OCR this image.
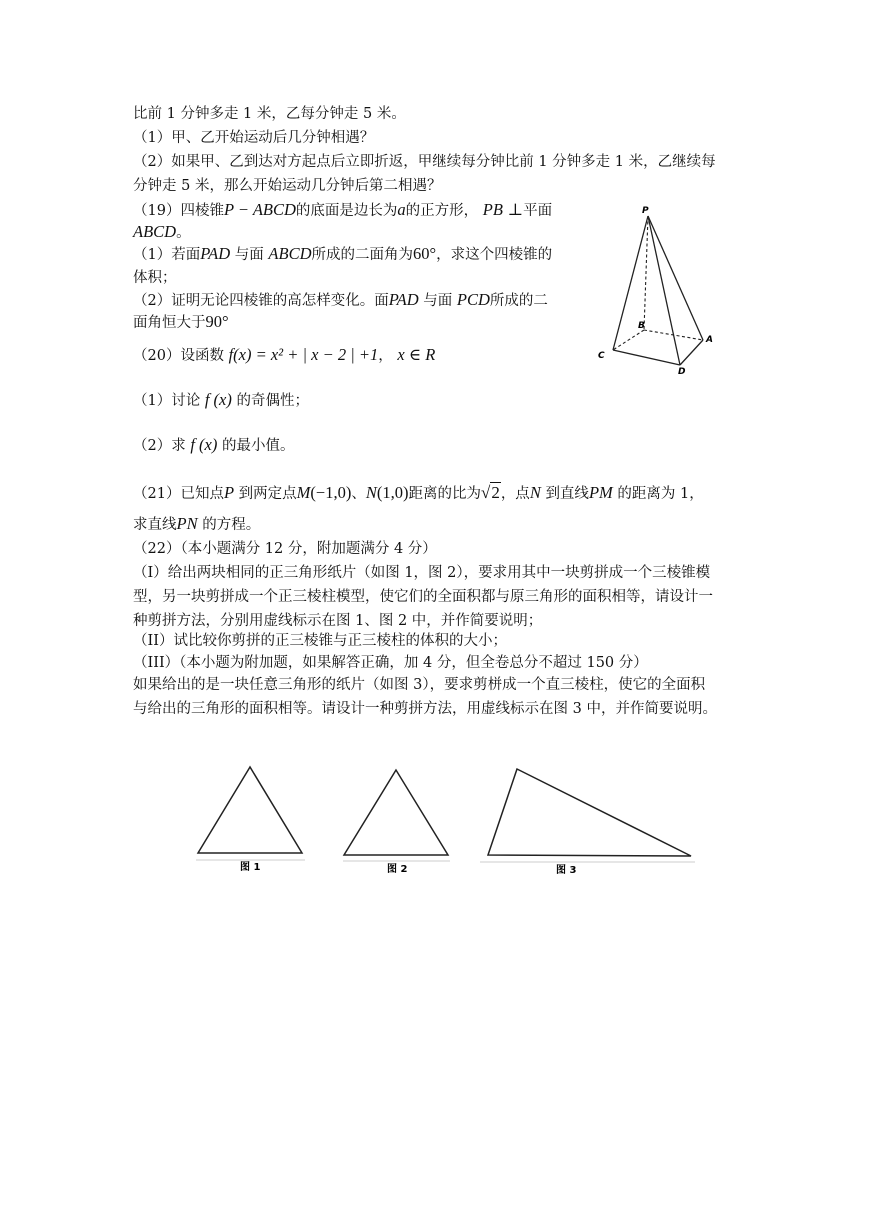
比前 1 分钟多走 1 米，乙每分钟走 5 米。
（1）甲、乙开始运动后几分钟相遇？
（2）如果甲、乙到达对方起点后立即折返，甲继续每分钟比前 1 分钟多走 1 米，乙继续每
分钟走 5 米，那么开始运动几分钟后第二相遇？
（19）四棱锥P − ABCD的底面是边长为a的正方形， PB ⊥平面
ABCD。
（1）若面PAD 与面 ABCD所成的二面角为60°，求这个四棱锥的
体积；
（2）证明无论四棱锥的高怎样变化。面PAD 与面 PCD所成的二
面角恒大于90°
（20）设函数 f(x) = x² + | x − 2 | +1， x ∈ R
（1）讨论 f (x) 的奇偶性；
（2）求 f (x) 的最小值。
（21）已知点P 到两定点M(−1,0)、N(1,0)距离的比为√2，点N 到直线PM 的距离为 1，
求直线PN 的方程。
（22）（本小题满分 12 分，附加题满分 4 分）
（I）给出两块相同的正三角形纸片（如图 1，图 2），要求用其中一块剪拼成一个三棱锥模
型，另一块剪拼成一个正三棱柱模型，使它们的全面积都与原三角形的面积相等，请设计一
种剪拼方法，分别用虚线标示在图 1、图 2 中，并作简要说明；
（II）试比较你剪拼的正三棱锥与正三棱柱的体积的大小；
（III）（本小题为附加题，如果解答正确，加 4 分，但全卷总分不超过 150 分）
如果给出的是一块任意三角形的纸片（如图 3），要求剪栟成一个直三棱柱，使它的全面积
与给出的三角形的面积相等。请设计一种剪拼方法，用虚线标示在图 3 中，并作简要说明。
P
B
A
C
D
图 1	图 2	图 3
